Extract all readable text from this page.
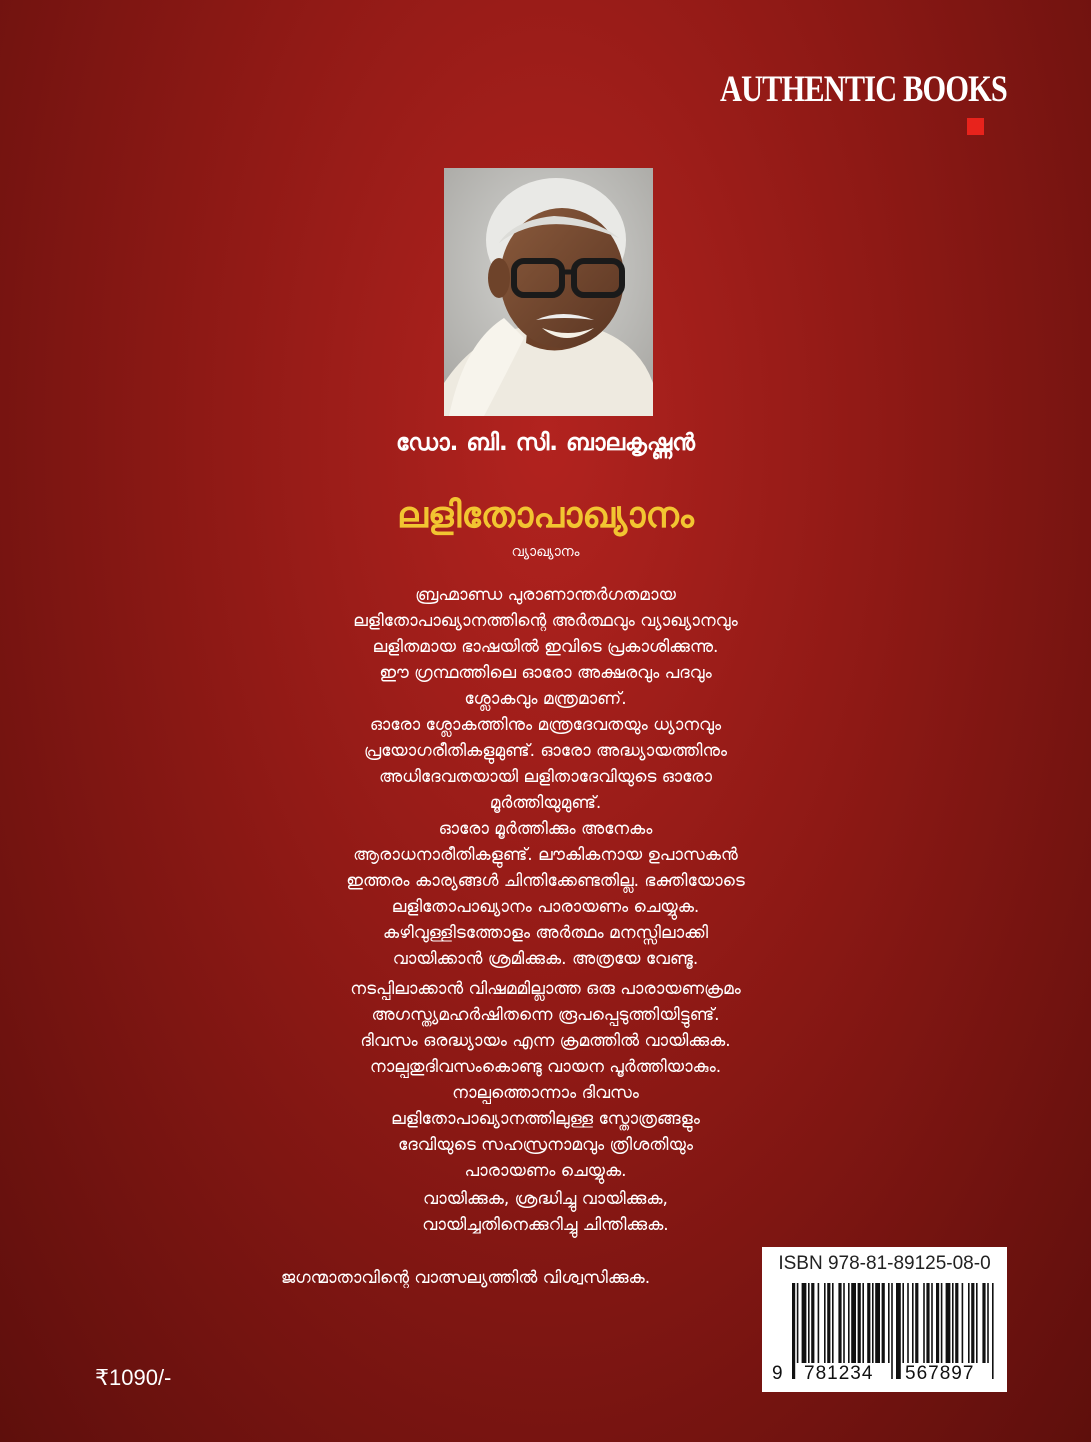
AUTHENTIC BOOKS
ഡോ. ബി. സി. ബാലകൃഷ്ണൻ
ലളിതോപാഖ്യാനം
വ്യാഖ്യാനം
ബ്രഹ്മാണ്ഡ പുരാണാന്തർഗതമായ
ലളിതോപാഖ്യാനത്തിന്റെ അർത്ഥവും വ്യാഖ്യാനവും
ലളിതമായ ഭാഷയിൽ ഇവിടെ പ്രകാശിക്കുന്നു.
ഈ ഗ്രന്ഥത്തിലെ ഓരോ അക്ഷരവും പദവും
ശ്ലോകവും മന്ത്രമാണ്.
ഓരോ ശ്ലോകത്തിനും മന്ത്രദേവതയും ധ്യാനവും
പ്രയോഗരീതികളുമുണ്ട്. ഓരോ അദ്ധ്യായത്തിനും
അധിദേവതയായി ലളിതാദേവിയുടെ ഓരോ
മൂർത്തിയുമുണ്ട്.
ഓരോ മൂർത്തിക്കും അനേകം
ആരാധനാരീതികളുണ്ട്. ലൗകികനായ ഉപാസകൻ
ഇത്തരം കാര്യങ്ങൾ ചിന്തിക്കേണ്ടതില്ല. ഭക്തിയോടെ
ലളിതോപാഖ്യാനം പാരായണം ചെയ്യുക.
കഴിവുള്ളിടത്തോളം അർത്ഥം മനസ്സിലാക്കി
വായിക്കാൻ ശ്രമിക്കുക. അത്രയേ വേണ്ടൂ.
നടപ്പിലാക്കാൻ വിഷമമില്ലാത്ത ഒരു പാരായണക്രമം
അഗസ്ത്യമഹർഷിതന്നെ രൂപപ്പെടുത്തിയിട്ടുണ്ട്.
ദിവസം ഒരദ്ധ്യായം എന്ന ക്രമത്തിൽ വായിക്കുക.
നാല്പതുദിവസംകൊണ്ടു വായന പൂർത്തിയാകും.
നാല്പത്തൊന്നാം ദിവസം
ലളിതോപാഖ്യാനത്തിലുള്ള സ്തോത്രങ്ങളും
ദേവിയുടെ സഹസ്രനാമവും ത്രിശതിയും
പാരായണം ചെയ്യുക.
വായിക്കുക, ശ്രദ്ധിച്ചു വായിക്കുക,
വായിച്ചതിനെക്കുറിച്ചു ചിന്തിക്കുക.
ജഗന്മാതാവിന്റെ വാത്സല്യത്തിൽ വിശ്വസിക്കുക.
₹1090/-
ISBN 978-81-89125-08-0
9 781234 567897
